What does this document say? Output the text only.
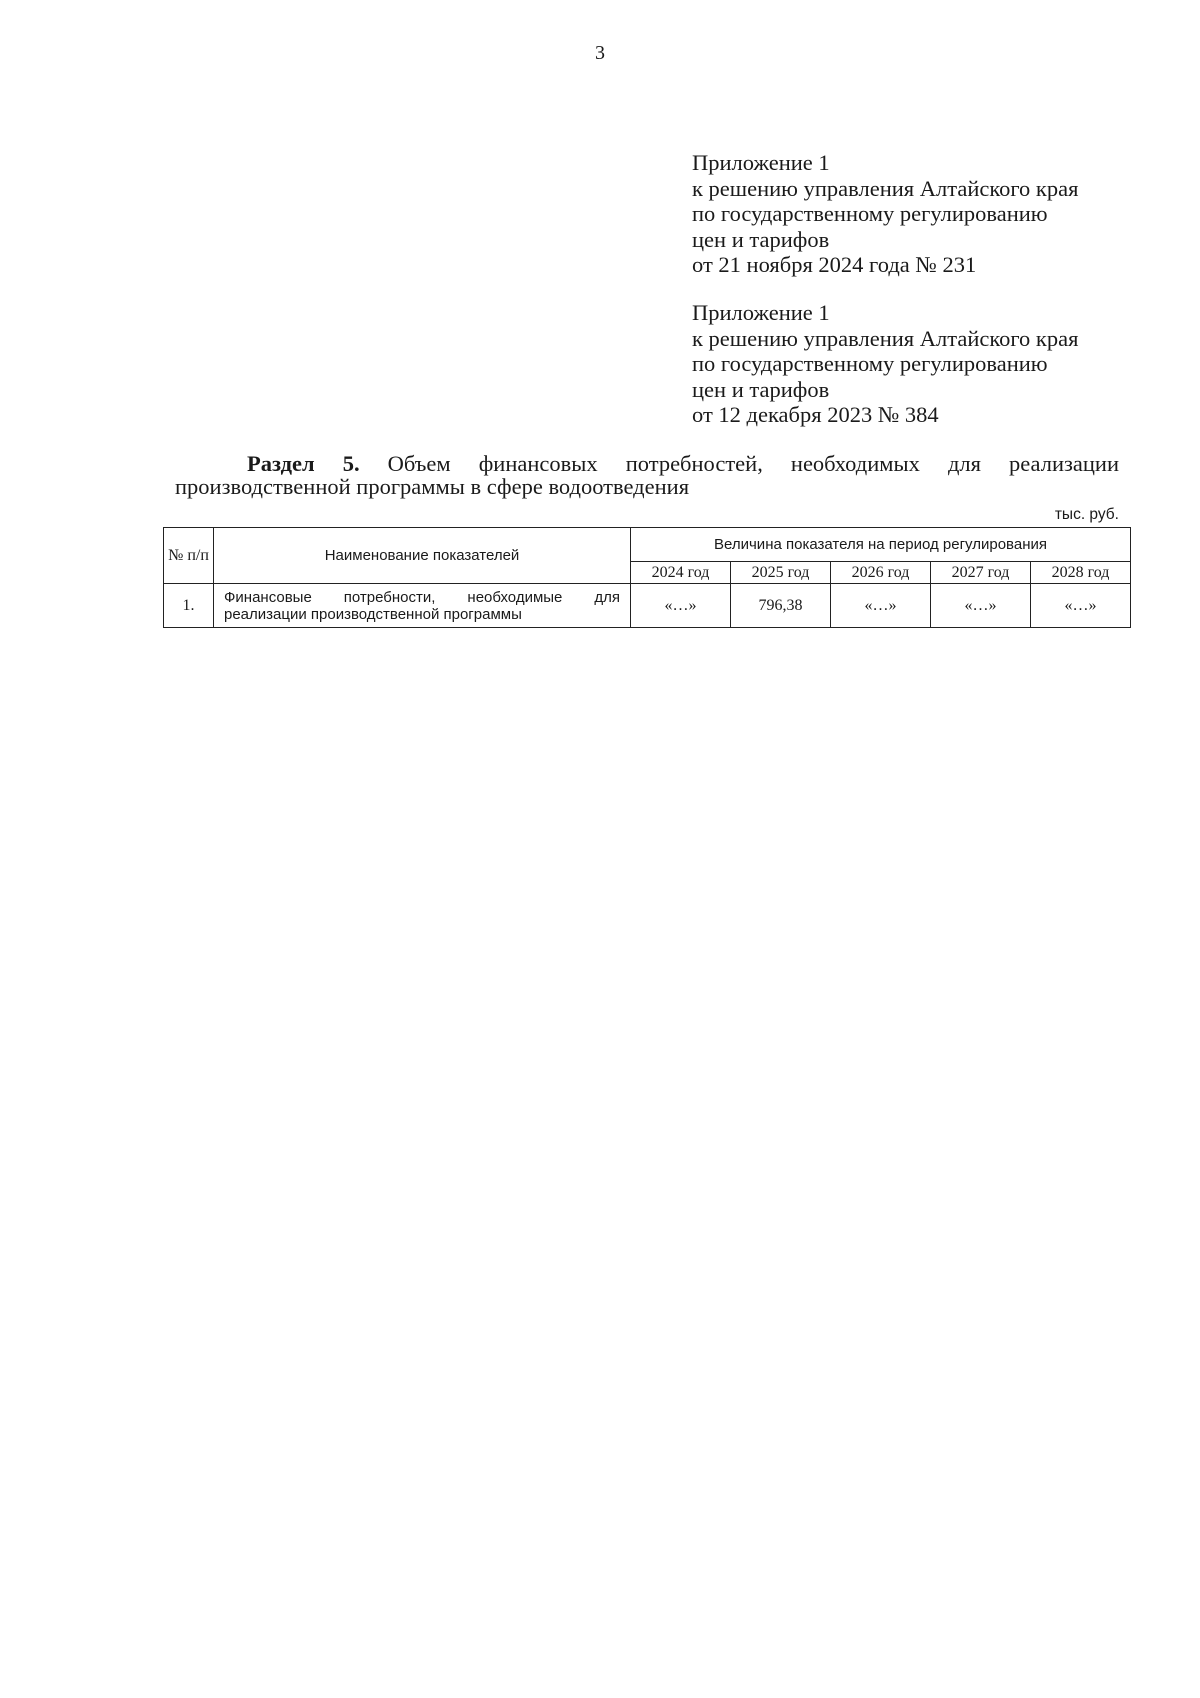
3
Приложение 1
к решению управления Алтайского края
по государственному регулированию
цен и тарифов
от 21 ноября 2024 года № 231
Приложение 1
к решению управления Алтайского края
по государственному регулированию
цен и тарифов
от 12 декабря 2023 № 384
Раздел 5. Объем финансовых потребностей, необходимых для реализации
производственной программы в сфере водоотведения
тыс. руб.
№ п/п	Наименование показателей	Величина показателя на период регулирования				
		2024 год	2025 год	2026 год	2027 год	2028 год
1.	Финансовые потребности, необходимые для реализации производственной программы	«…»	796,38	«…»	«…»	«…»
